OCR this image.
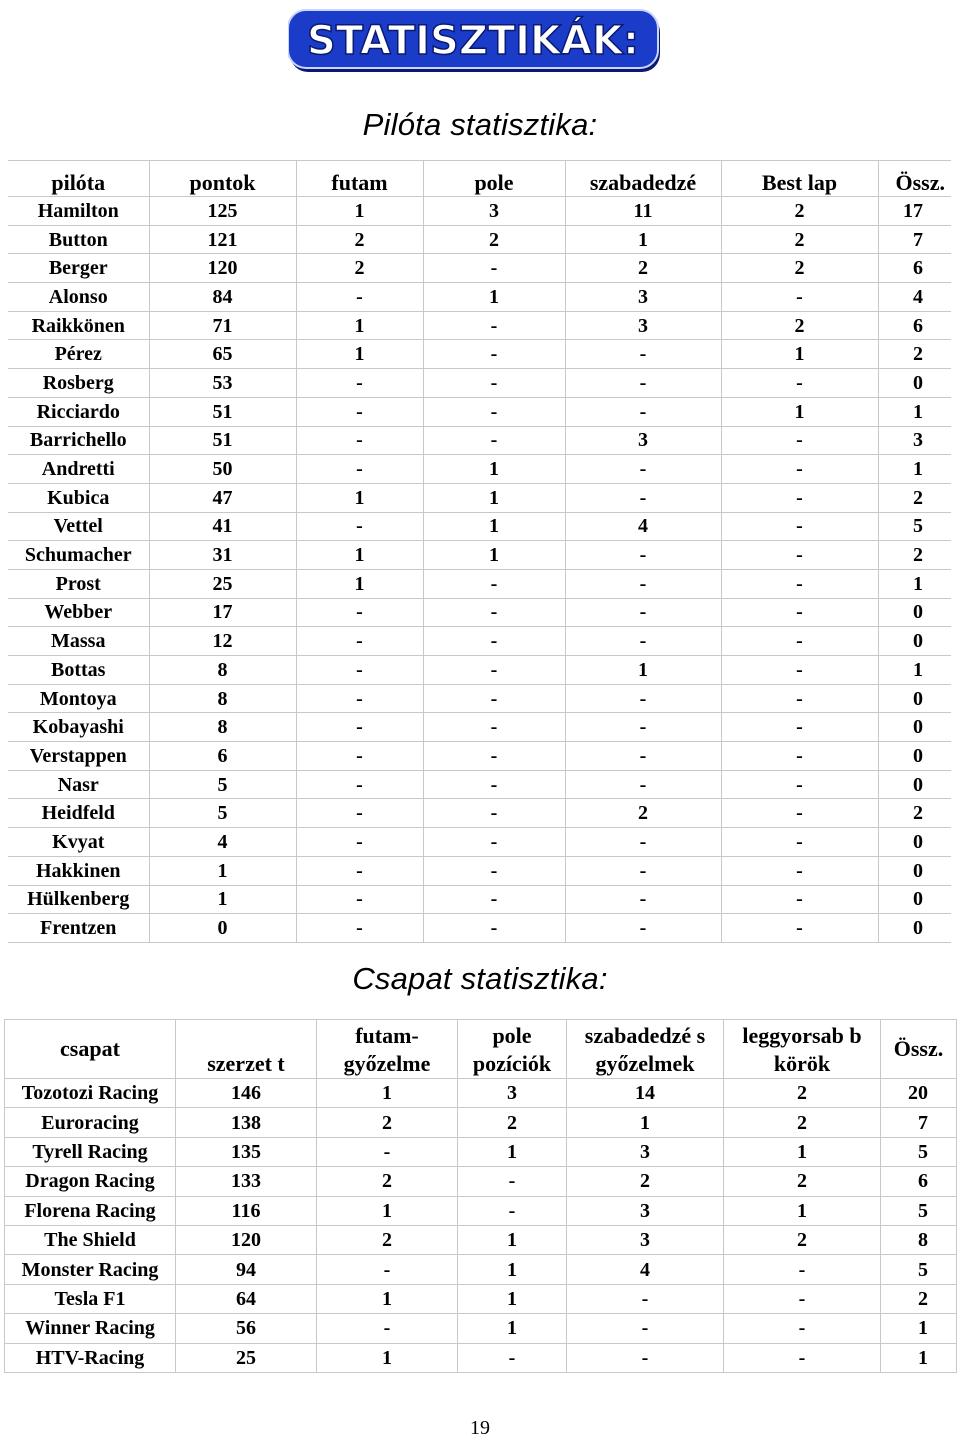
STATISZTIKÁK:
Pilóta statisztika:
pilóta	pontok	futam	pole	szabadedzé	Best lap	Össz.
Hamilton	125	1	3	11	2	17
Button	121	2	2	1	2	7
Berger	120	2	-	2	2	6
Alonso	84	-	1	3	-	4
Raikkönen	71	1	-	3	2	6
Pérez	65	1	-	-	1	2
Rosberg	53	-	-	-	-	0
Ricciardo	51	-	-	-	1	1
Barrichello	51	-	-	3	-	3
Andretti	50	-	1	-	-	1
Kubica	47	1	1	-	-	2
Vettel	41	-	1	4	-	5
Schumacher	31	1	1	-	-	2
Prost	25	1	-	-	-	1
Webber	17	-	-	-	-	0
Massa	12	-	-	-	-	0
Bottas	8	-	-	1	-	1
Montoya	8	-	-	-	-	0
Kobayashi	8	-	-	-	-	0
Verstappen	6	-	-	-	-	0
Nasr	5	-	-	-	-	0
Heidfeld	5	-	-	2	-	2
Kvyat	4	-	-	-	-	0
Hakkinen	1	-	-	-	-	0
Hülkenberg	1	-	-	-	-	0
Frentzen	0	-	-	-	-	0
Csapat statisztika:
csapat	szerzet t	futam- győzelme	pole pozíciók	szabadedzé s győzelmek	leggyorsab b körök	Össz.
Tozotozi Racing	146	1	3	14	2	20
Euroracing	138	2	2	1	2	7
Tyrell Racing	135	-	1	3	1	5
Dragon Racing	133	2	-	2	2	6
Florena Racing	116	1	-	3	1	5
The Shield	120	2	1	3	2	8
Monster Racing	94	-	1	4	-	5
Tesla F1	64	1	1	-	-	2
Winner Racing	56	-	1	-	-	1
HTV-Racing	25	1	-	-	-	1
19
